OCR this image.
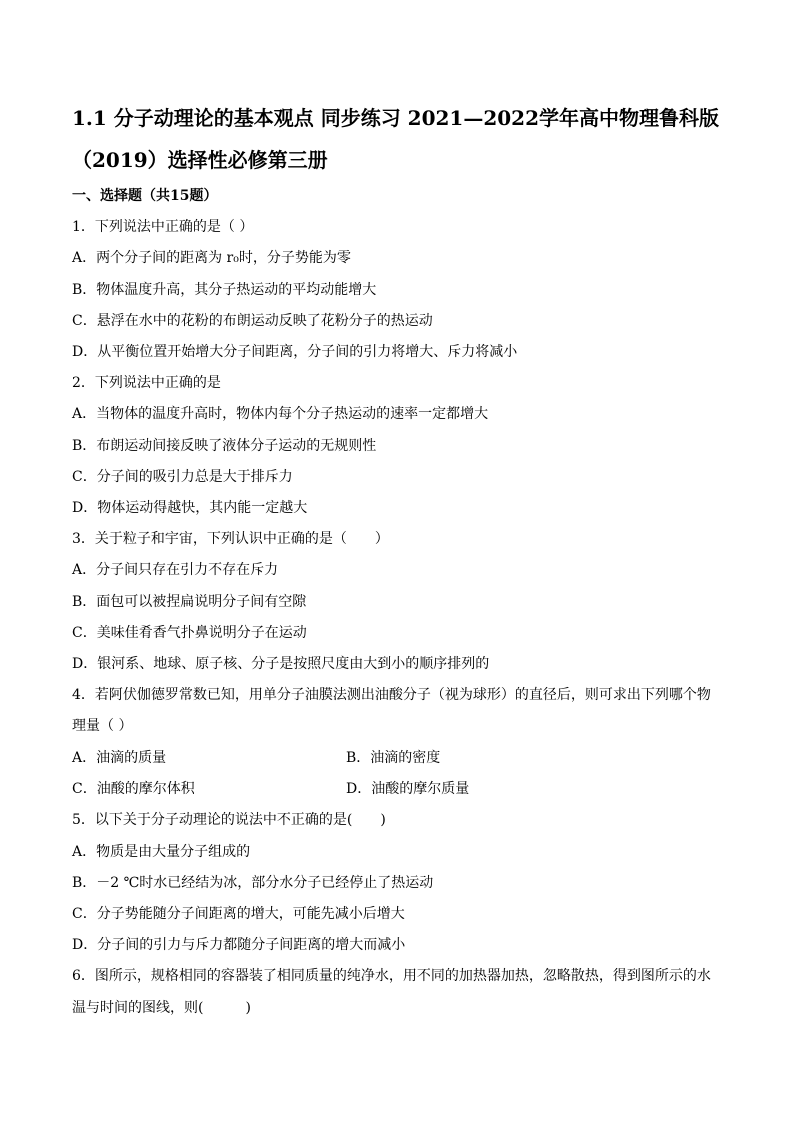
1.1 分子动理论的基本观点 同步练习 2021—2022学年高中物理鲁科版
（2019）选择性必修第三册
一、选择题（共15题）
1．下列说法中正确的是（ ）
A．两个分子间的距离为 r₀时，分子势能为零
B．物体温度升高，其分子热运动的平均动能增大
C．悬浮在水中的花粉的布朗运动反映了花粉分子的热运动
D．从平衡位置开始增大分子间距离，分子间的引力将增大、斥力将减小
2．下列说法中正确的是
A．当物体的温度升高时，物体内每个分子热运动的速率一定都增大
B．布朗运动间接反映了液体分子运动的无规则性
C．分子间的吸引力总是大于排斥力
D．物体运动得越快，其内能一定越大
3．关于粒子和宇宙，下列认识中正确的是（　　）
A．分子间只存在引力不存在斥力
B．面包可以被捏扁说明分子间有空隙
C．美味佳肴香气扑鼻说明分子在运动
D．银河系、地球、原子核、分子是按照尺度由大到小的顺序排列的
4．若阿伏伽德罗常数已知，用单分子油膜法测出油酸分子（视为球形）的直径后，则可求出下列哪个物
理量（ ）
A．油滴的质量	B．油滴的密度
C．油酸的摩尔体积	D．油酸的摩尔质量
5．以下关于分子动理论的说法中不正确的是(　　)
A．物质是由大量分子组成的
B．－2 ℃时水已经结为冰，部分水分子已经停止了热运动
C．分子势能随分子间距离的增大，可能先减小后增大
D．分子间的引力与斥力都随分子间距离的增大而减小
6．图所示，规格相同的容器装了相同质量的纯净水，用不同的加热器加热，忽略散热，得到图所示的水
温与时间的图线，则(　　　)
